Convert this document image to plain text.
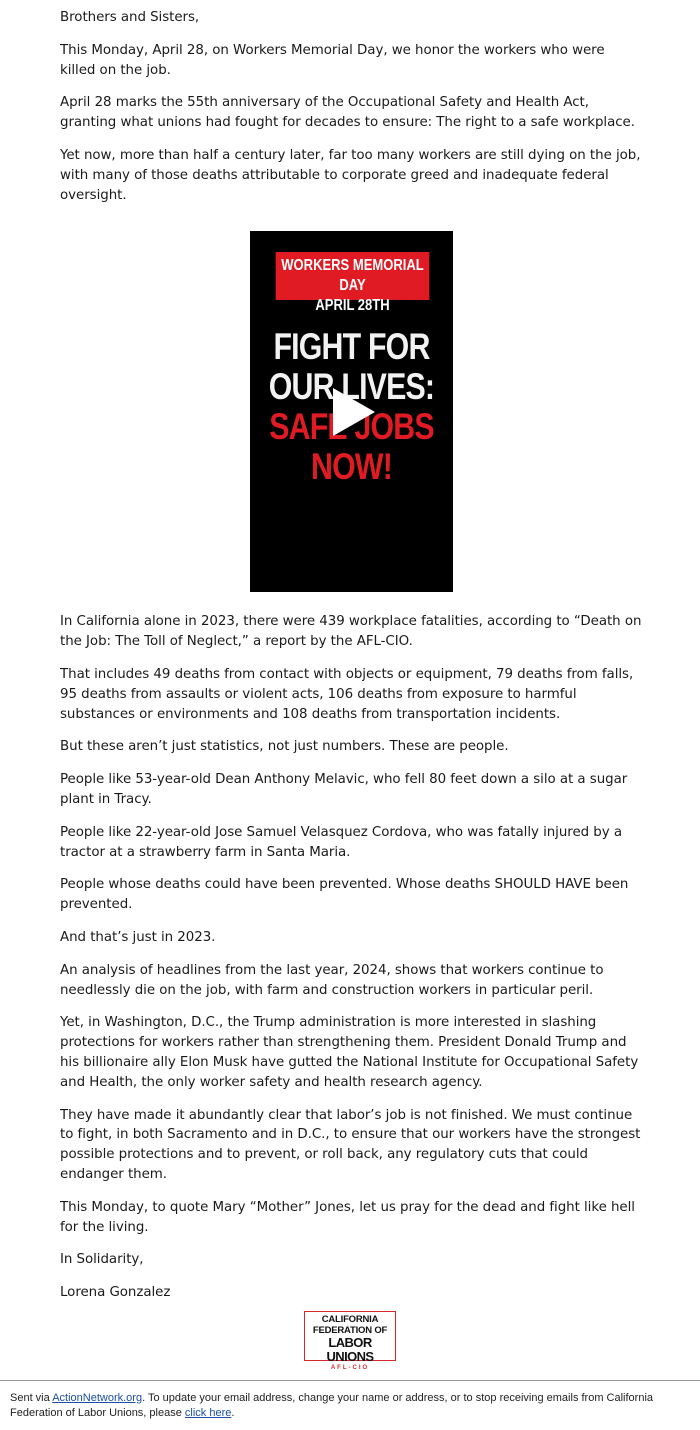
Brothers and Sisters,

This Monday, April 28, on Workers Memorial Day, we honor the workers who were killed on the job.

April 28 marks the 55th anniversary of the Occupational Safety and Health Act, granting what unions had fought for decades to ensure: The right to a safe workplace.

Yet now, more than half a century later, far too many workers are still dying on the job, with many of those deaths attributable to corporate greed and inadequate federal oversight.

WORKERS MEMORIAL DAY
APRIL 28TH
FIGHT FOR
OUR LIVES:
SAFE JOBS
NOW!

In California alone in 2023, there were 439 workplace fatalities, according to “Death on the Job: The Toll of Neglect,” a report by the AFL-CIO.

That includes 49 deaths from contact with objects or equipment, 79 deaths from falls, 95 deaths from assaults or violent acts, 106 deaths from exposure to harmful substances or environments and 108 deaths from transportation incidents.

But these aren’t just statistics, not just numbers. These are people.

People like 53-year-old Dean Anthony Melavic, who fell 80 feet down a silo at a sugar plant in Tracy.

People like 22-year-old Jose Samuel Velasquez Cordova, who was fatally injured by a tractor at a strawberry farm in Santa Maria.

People whose deaths could have been prevented. Whose deaths SHOULD HAVE been prevented.

And that’s just in 2023.

An analysis of headlines from the last year, 2024, shows that workers continue to needlessly die on the job, with farm and construction workers in particular peril.

Yet, in Washington, D.C., the Trump administration is more interested in slashing protections for workers rather than strengthening them. President Donald Trump and his billionaire ally Elon Musk have gutted the National Institute for Occupational Safety and Health, the only worker safety and health research agency.

They have made it abundantly clear that labor’s job is not finished. We must continue to fight, in both Sacramento and in D.C., to ensure that our workers have the strongest possible protections and to prevent, or roll back, any regulatory cuts that could endanger them.

This Monday, to quote Mary “Mother” Jones, let us pray for the dead and fight like hell for the living.

In Solidarity,

Lorena Gonzalez

CALIFORNIA
FEDERATION OF
LABOR UNIONS
AFL-CIO
Sent via ActionNetwork.org. To update your email address, change your name or address, or to stop receiving emails from California Federation of Labor Unions, please click here.
